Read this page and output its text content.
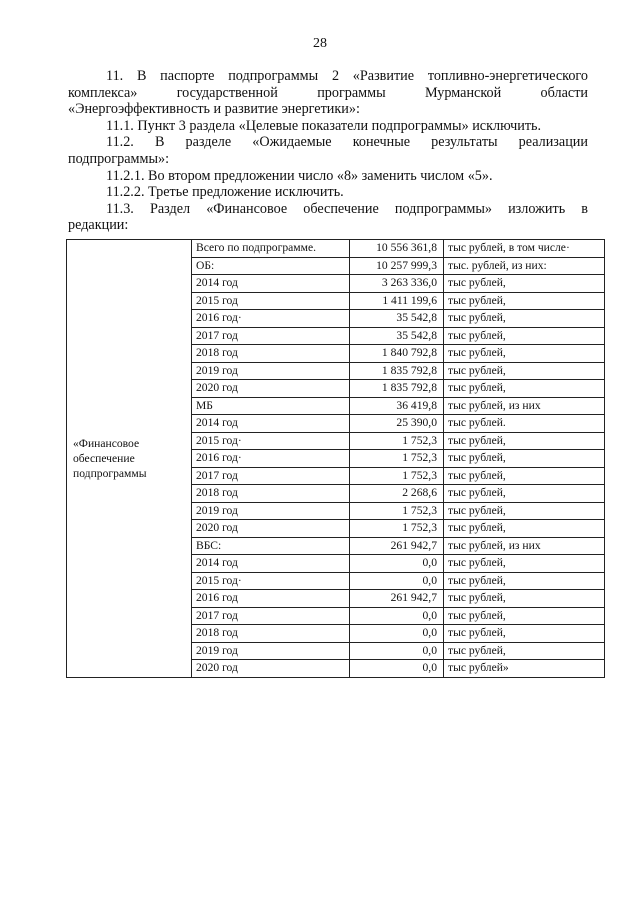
28

11. В паспорте подпрограммы 2 «Развитие топливно-энергетического

комплекса» государственной программы Мурманской области

«Энергоэффективность и развитие энергетики»:

11.1. Пункт 3 раздела «Целевые показатели подпрограммы» исключить.

11.2. В разделе «Ожидаемые конечные результаты реализации

подпрограммы»:

11.2.1. Во втором предложении число «8» заменить числом «5».

11.2.2. Третье предложение исключить.

11.3. Раздел «Финансовое обеспечение подпрограммы» изложить в

редакции:

«Финансовое обеспечение подпрограммы	Всего по подпрограмме.	10 556 361,8	тыс рублей, в том числе·
	ОБ:	10 257 999,3	тыс. рублей, из них:
	2014 год	3 263 336,0	тыс рублей,
	2015 год	1 411 199,6	тыс рублей,
	2016 год·	35 542,8	тыс рублей,
	2017 год	35 542,8	тыс рублей,
	2018 год	1 840 792,8	тыс рублей,
	2019 год	1 835 792,8	тыс рублей,
	2020 год	1 835 792,8	тыс рублей,
	МБ	36 419,8	тыс рублей, из них
	2014 год	25 390,0	тыс рублей.
	2015 год·	1 752,3	тыс рублей,
	2016 год·	1 752,3	тыс рублей,
	2017 год	1 752,3	тыс рублей,
	2018 год	2 268,6	тыс рублей,
	2019 год	1 752,3	тыс рублей,
	2020 год	1 752,3	тыс рублей,
	ВБС:	261 942,7	тыс рублей, из них
	2014 год	0,0	тыс рублей,
	2015 год·	0,0	тыс рублей,
	2016 год	261 942,7	тыс рублей,
	2017 год	0,0	тыс рублей,
	2018 год	0,0	тыс рублей,
	2019 год	0,0	тыс рублей,
	2020 год	0,0	тыс рублей»
